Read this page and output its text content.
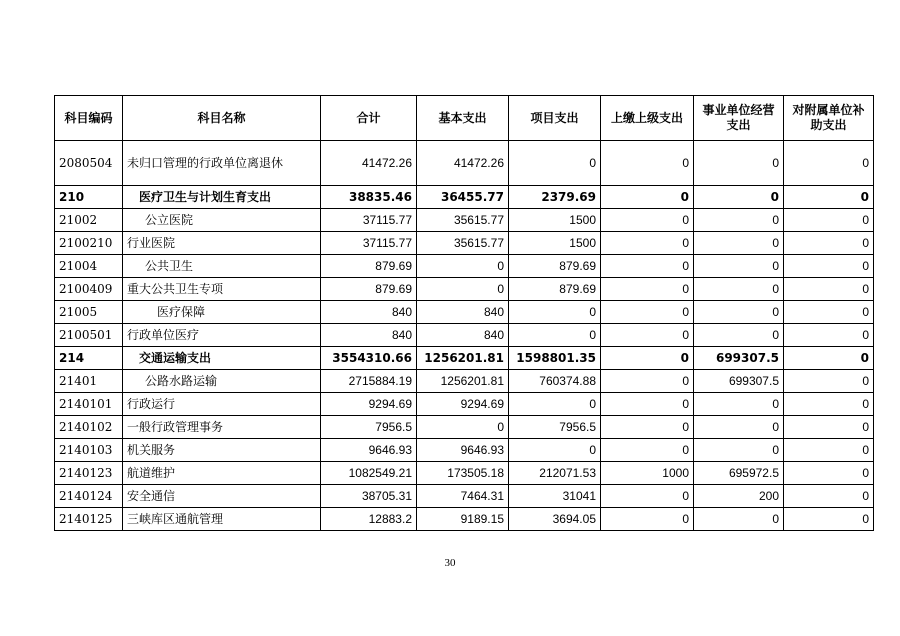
科目编码	科目名称	合计	基本支出	项目支出	上缴上级支出	事业单位经营支出	对附属单位补助支出
2080504	未归口管理的行政单位离退休	41472.26	41472.26	0	0	0	0
210	医疗卫生与计划生育支出	38835.46	36455.77	2379.69	0	0	0
21002	公立医院	37115.77	35615.77	1500	0	0	0
2100210	行业医院	37115.77	35615.77	1500	0	0	0
21004	公共卫生	879.69	0	879.69	0	0	0
2100409	重大公共卫生专项	879.69	0	879.69	0	0	0
21005	医疗保障	840	840	0	0	0	0
2100501	行政单位医疗	840	840	0	0	0	0
214	交通运输支出	3554310.66	1256201.81	1598801.35	0	699307.5	0
21401	公路水路运输	2715884.19	1256201.81	760374.88	0	699307.5	0
2140101	行政运行	9294.69	9294.69	0	0	0	0
2140102	一般行政管理事务	7956.5	0	7956.5	0	0	0
2140103	机关服务	9646.93	9646.93	0	0	0	0
2140123	航道维护	1082549.21	173505.18	212071.53	1000	695972.5	0
2140124	安全通信	38705.31	7464.31	31041	0	200	0
2140125	三峡库区通航管理	12883.2	9189.15	3694.05	0	0	0
30
